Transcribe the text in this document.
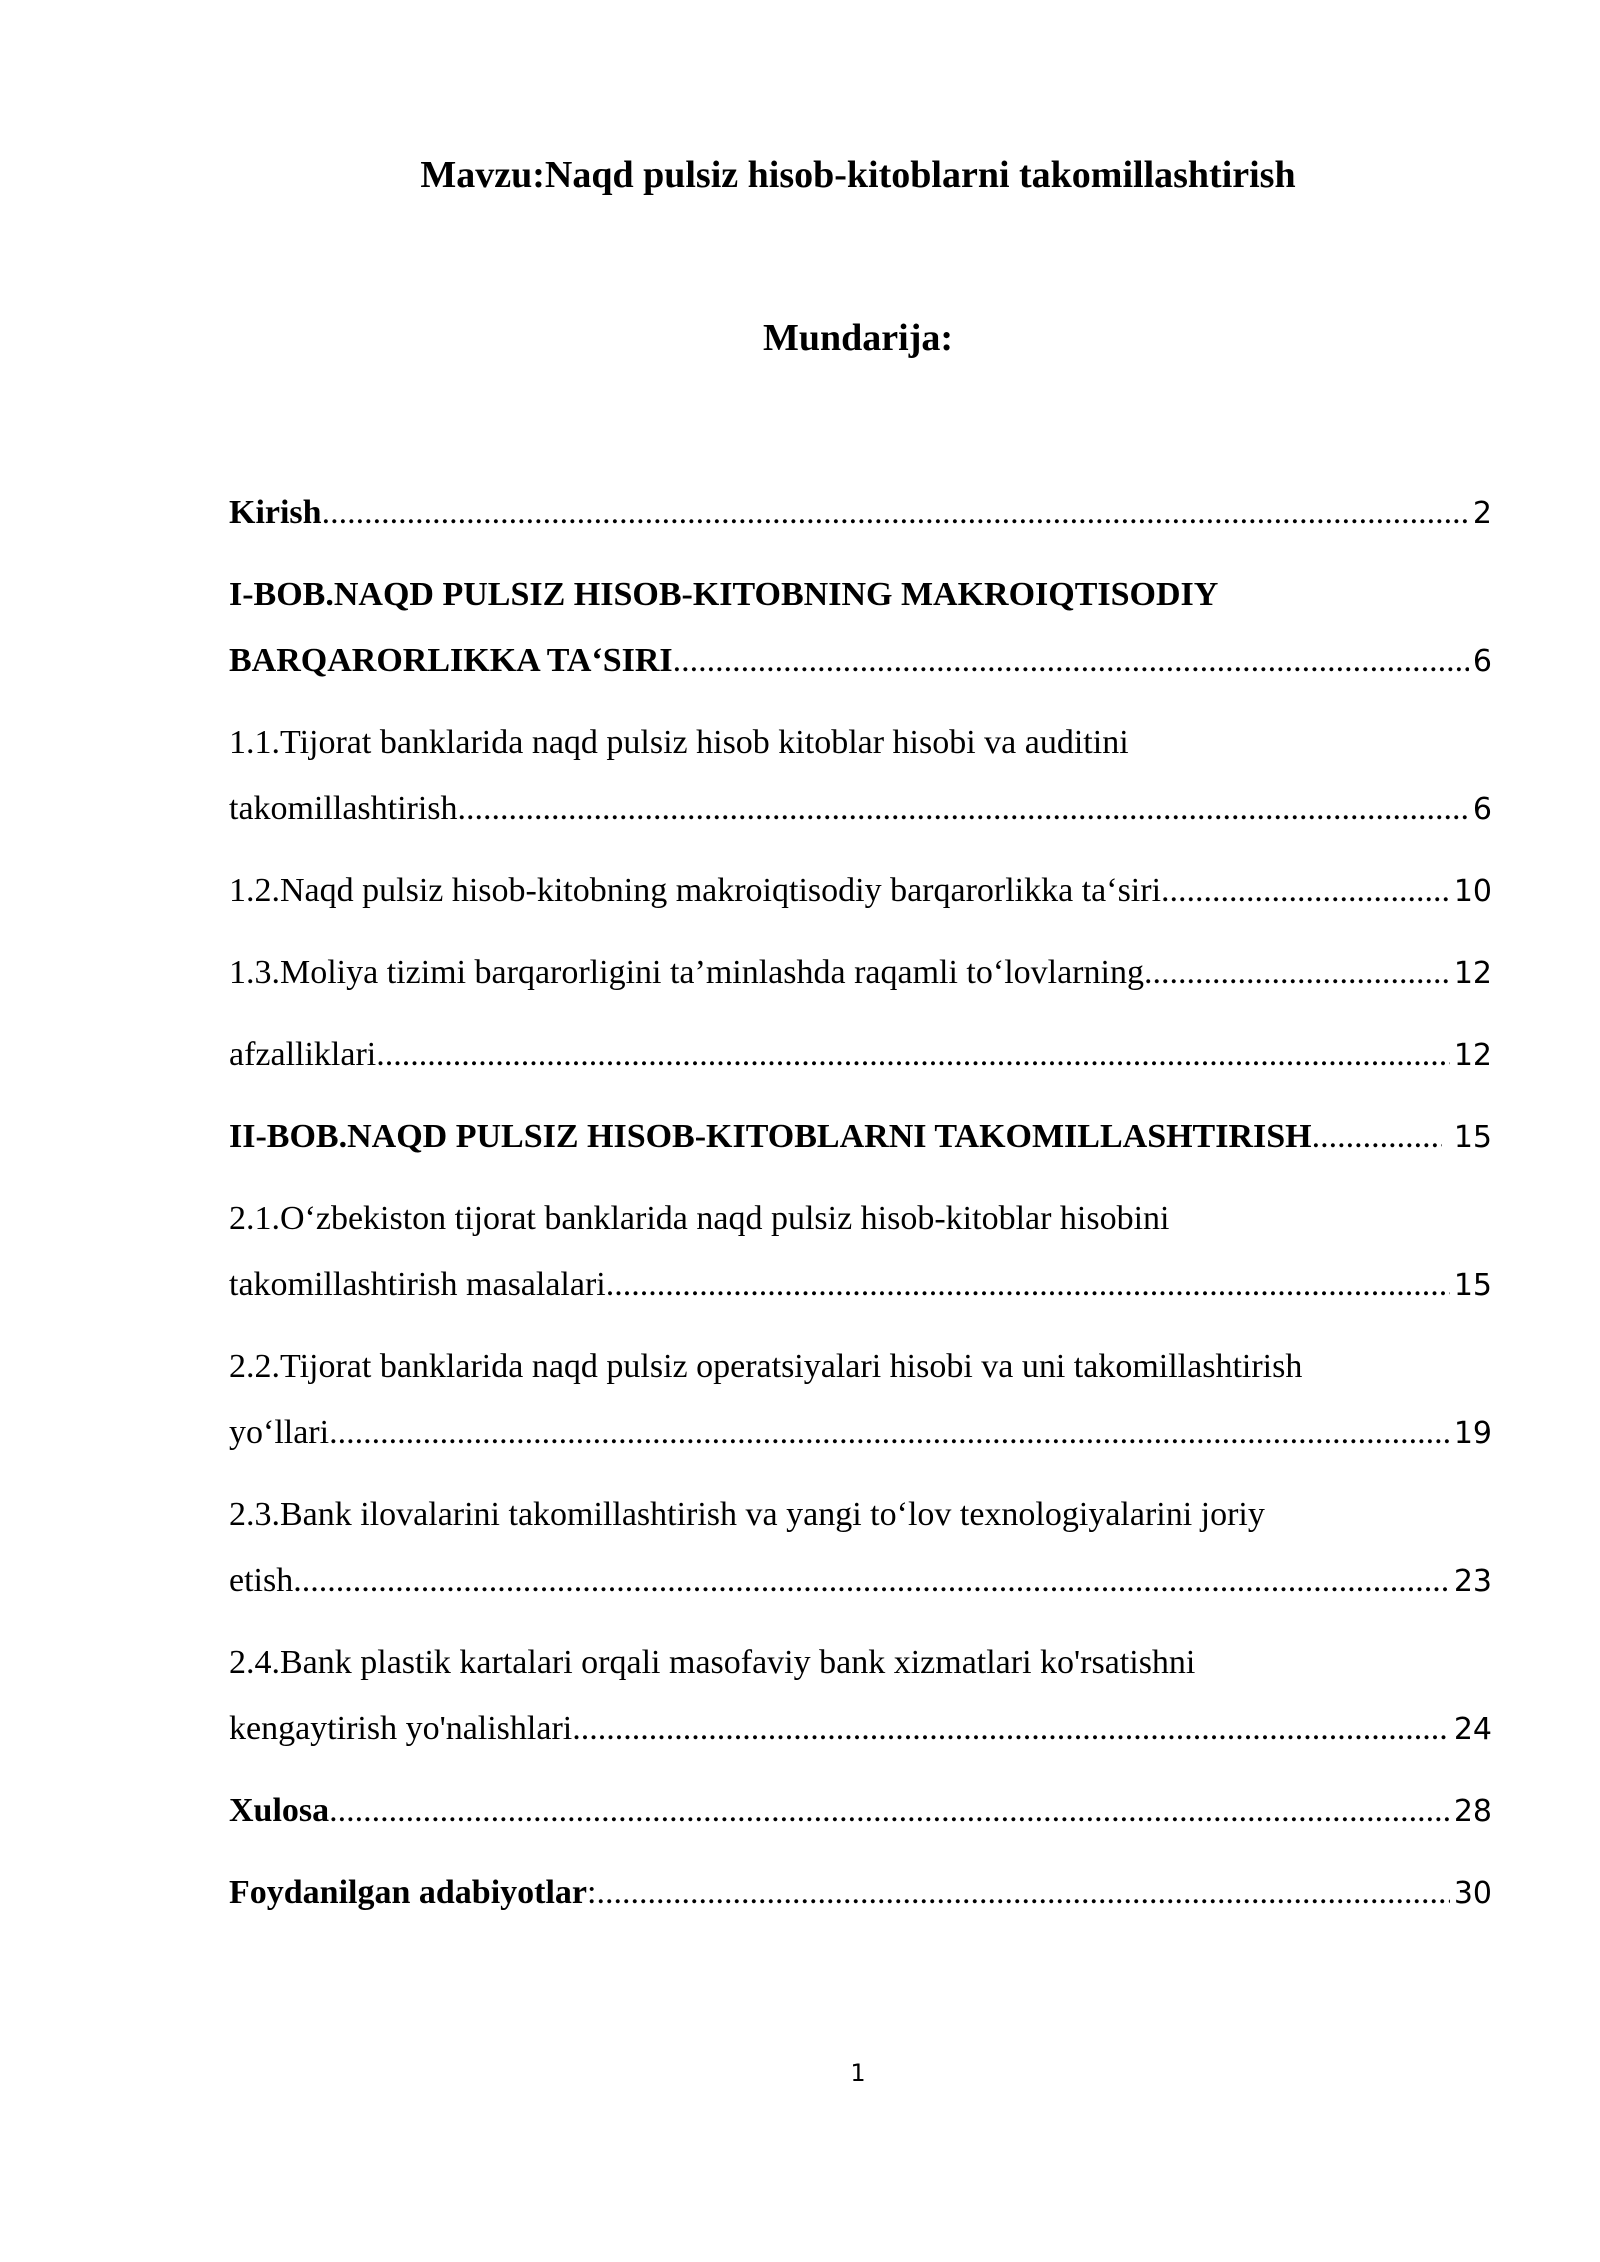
Mavzu:Naqd pulsiz hisob-kitoblarni takomillashtirish
Mundarija:
Kirish .....	2
I-BOB.NAQD PULSIZ HISOB-KITOBNING MAKROIQTISODIY
BARQARORLIKKA TA‘SIRI .....	6
1.1.Tijorat banklarida naqd pulsiz hisob kitoblar hisobi va auditini
takomillashtirish .....	6
1.2.Naqd pulsiz hisob-kitobning makroiqtisodiy barqarorlikka ta‘siri .....	10
1.3.Moliya tizimi barqarorligini ta’minlashda raqamli to‘lovlarning .....	12
afzalliklari .....	12
II-BOB.NAQD PULSIZ HISOB-KITOBLARNI TAKOMILLASHTIRISH .....	15
2.1.O‘zbekiston tijorat banklarida naqd pulsiz hisob-kitoblar hisobini
takomillashtirish masalalari .....	15
2.2.Tijorat banklarida naqd pulsiz operatsiyalari hisobi va uni takomillashtirish
yo‘llari .....	19
2.3.Bank ilovalarini takomillashtirish va yangi to‘lov texnologiyalarini joriy
etish .....	23
2.4.Bank plastik kartalari orqali masofaviy bank xizmatlari ko'rsatishni
kengaytirish yo'nalishlari .....	24
Xulosa .....	28
Foydanilgan adabiyotlar : .....	30
1
